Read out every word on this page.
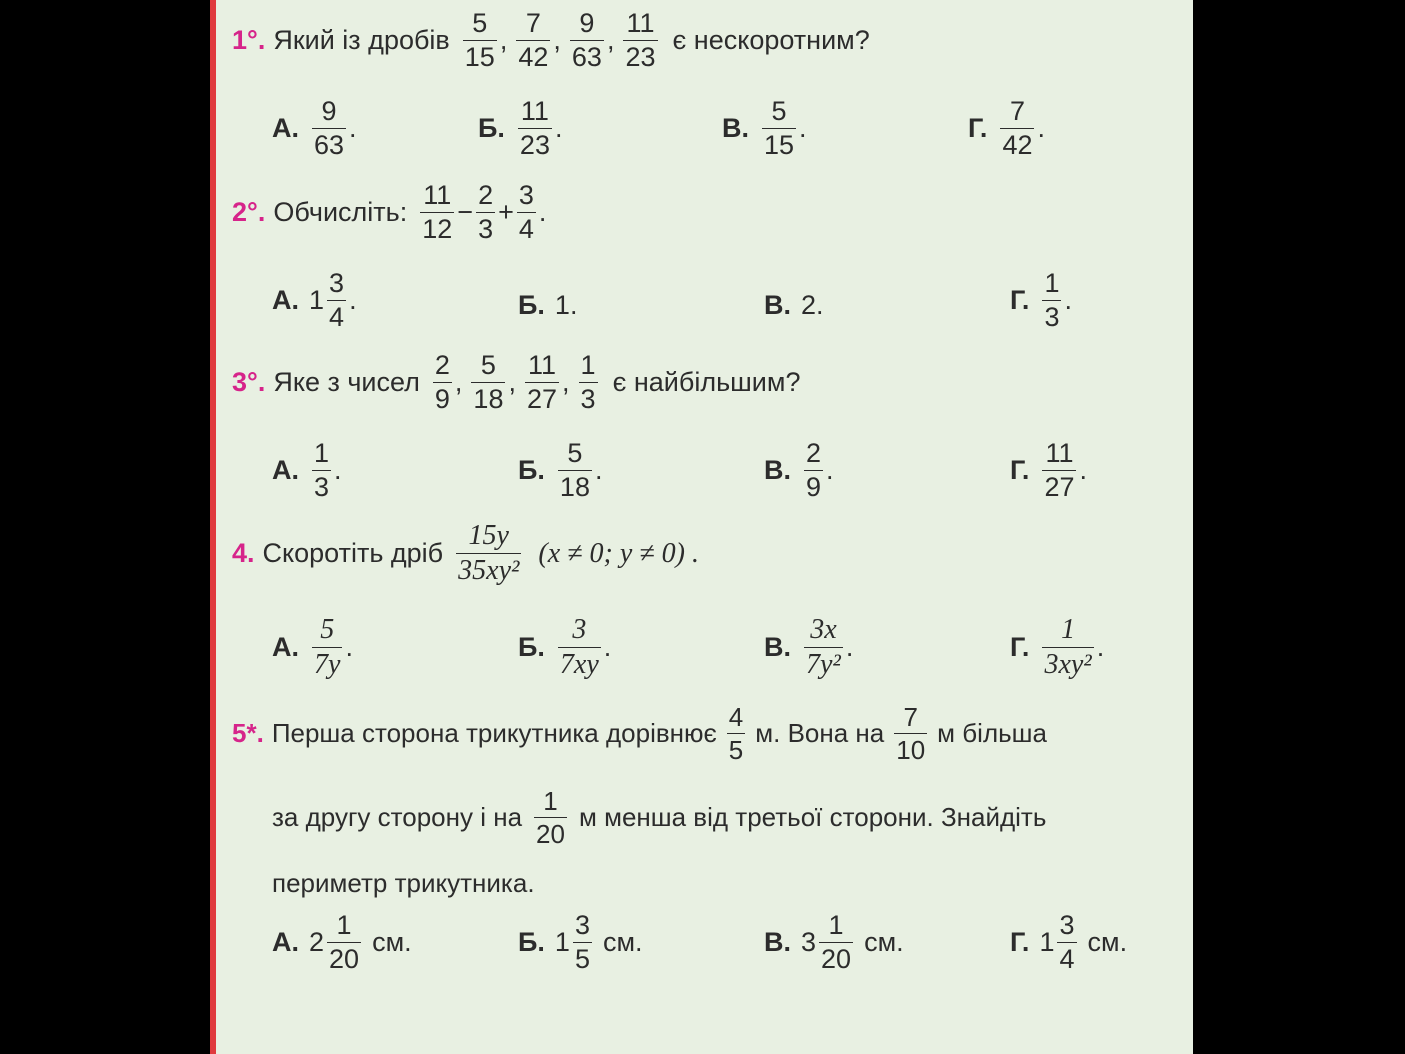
1°. Який із дробів $\frac{5}{15}$ , $\frac{7}{42}$ , $\frac{9}{63}$ , $\frac{11}{23}$ є нескоротним?
А. $\frac{9}{63}$ .	Б. $\frac{11}{23}$ .	В. $\frac{5}{15}$ .	Г. $\frac{7}{42}$ .
2°. Обчисліть: $\frac{11}{12} - \frac{2}{3} + \frac{3}{4}$ .
А. $1 \frac{3}{4}$ .	Б. 1.	В. 2.	Г. $\frac{1}{3}$ .
3°. Яке з чисел $\frac{2}{9}$ , $\frac{5}{18}$ , $\frac{11}{27}$ , $\frac{1}{3}$ є найбільшим?
А. $\frac{1}{3}$ .	Б. $\frac{5}{18}$ .	В. $\frac{2}{9}$ .	Г. $\frac{11}{27}$ .
4. Скоротіть дріб $\frac{15y}{\text{35xy²}} (x \ne 0$; y ≠ 0) .
А. $\frac{5}{7y}$ .	Б. $\frac{3}{7xy}$ .	В. $\frac{3x}{\text{7y²}}$ .	Г. $\frac{1}{\text{3xy²}}$ .
5*. Перша сторона трикутника дорівнює $\frac{4}{5} м$. Вона на $\frac{7}{10}$ м більша
за другу сторону і на $\frac{1}{20}$ м менша від третьої сторони. Знайдіть
периметр трикутника.
А. $2 \frac{1}{20}$ см.	Б. $1 \frac{3}{5}$ см.	В. $3 \frac{1}{20}$ см.	Г. $1 \frac{3}{4}$ см.
